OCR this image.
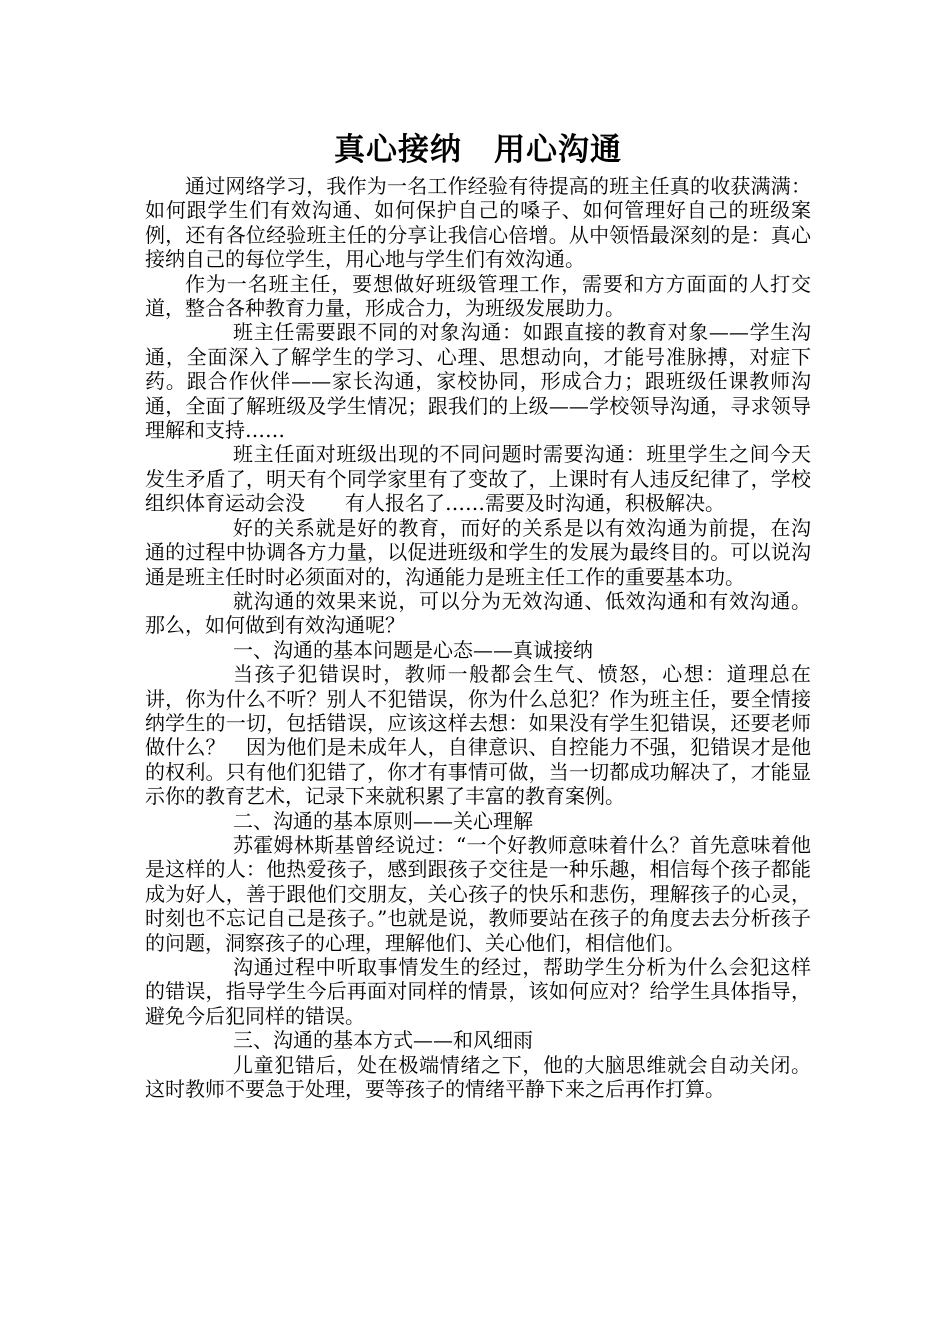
真心接纳　用心沟通

通过网络学习，我作为一名工作经验有待提高的班主任真的收获满满：如何跟学生们有效沟通、如何保护自己的嗓子、如何管理好自己的班级案例，还有各位经验班主任的分享让我信心倍增。从中领悟最深刻的是：真心接纳自己的每位学生，用心地与学生们有效沟通。

作为一名班主任，要想做好班级管理工作，需要和方方面面的人打交道，整合各种教育力量，形成合力，为班级发展助力。

班主任需要跟不同的对象沟通：如跟直接的教育对象——学生沟通，全面深入了解学生的学习、心理、思想动向，才能号准脉搏，对症下药。跟合作伙伴——家长沟通，家校协同，形成合力；跟班级任课教师沟通，全面了解班级及学生情况；跟我们的上级——学校领导沟通，寻求领导理解和支持……

班主任面对班级出现的不同问题时需要沟通：班里学生之间今天发生矛盾了，明天有个同学家里有了变故了，上课时有人违反纪律了，学校组织体育运动会没　　有人报名了……需要及时沟通，积极解决。

好的关系就是好的教育，而好的关系是以有效沟通为前提，在沟通的过程中协调各方力量，以促进班级和学生的发展为最终目的。可以说沟通是班主任时时必须面对的，沟通能力是班主任工作的重要基本功。

就沟通的效果来说，可以分为无效沟通、低效沟通和有效沟通。那么，如何做到有效沟通呢？

一、沟通的基本问题是心态——真诚接纳

当孩子犯错误时，教师一般都会生气、愤怒，心想：道理总在讲，你为什么不听？别人不犯错误，你为什么总犯？作为班主任，要全情接纳学生的一切，包括错误，应该这样去想：如果没有学生犯错误，还要老师做什么？　因为他们是未成年人，自律意识、自控能力不强，犯错误才是他的权利。只有他们犯错了，你才有事情可做，当一切都成功解决了，才能显示你的教育艺术，记录下来就积累了丰富的教育案例。

二、沟通的基本原则——关心理解

苏霍姆林斯基曾经说过：“一个好教师意味着什么？首先意味着他是这样的人：他热爱孩子，感到跟孩子交往是一种乐趣，相信每个孩子都能成为好人，善于跟他们交朋友，关心孩子的快乐和悲伤，理解孩子的心灵，时刻也不忘记自己是孩子。”也就是说，教师要站在孩子的角度去去分析孩子的问题，洞察孩子的心理，理解他们、关心他们，相信他们。

沟通过程中听取事情发生的经过，帮助学生分析为什么会犯这样的错误，指导学生今后再面对同样的情景，该如何应对？给学生具体指导，避免今后犯同样的错误。

三、沟通的基本方式——和风细雨

儿童犯错后，处在极端情绪之下，他的大脑思维就会自动关闭。这时教师不要急于处理，要等孩子的情绪平静下来之后再作打算。
